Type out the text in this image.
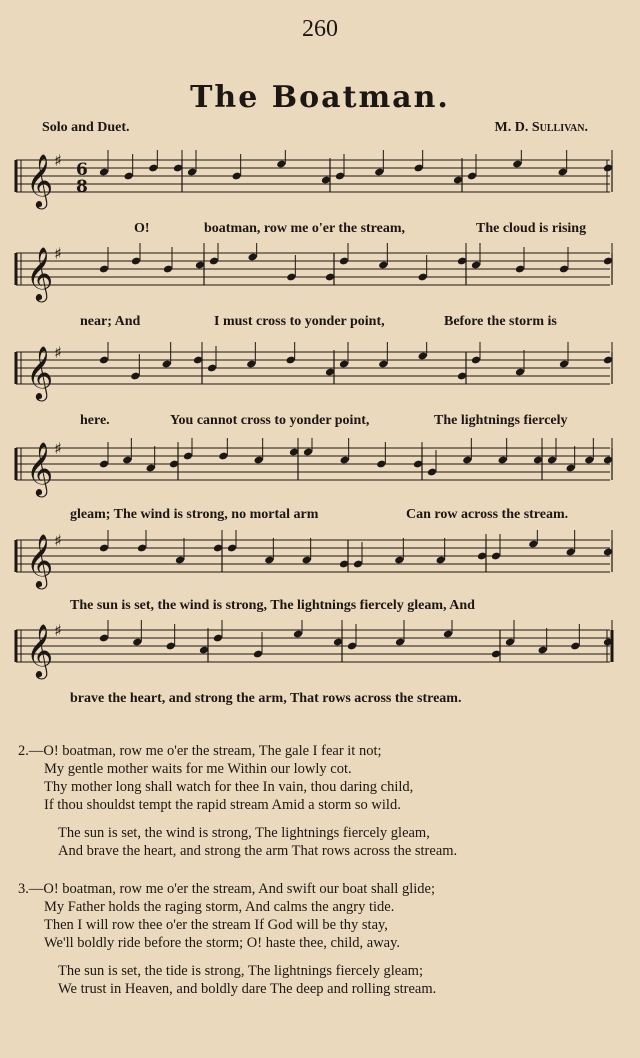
260
The Boatman.
Solo and Duet.	M. D. Sullivan.
𝄞 ♯ 6
8
O!	boatman, row me o'er the stream,	The cloud is rising
𝄞 ♯
near; And	I must cross to yonder point,	Before the storm is
𝄞 ♯
here.	You cannot cross to yonder point,	The lightnings fiercely
𝄞 ♯
gleam; The wind is strong, no mortal arm	Can row across the stream.
𝄞 ♯
The sun is set, the wind is strong, The lightnings fiercely gleam, And
𝄞 ♯
brave the heart, and strong the arm, That rows across the stream.
2.—O! boatman, row me o'er the stream, The gale I fear it not;
My gentle mother waits for me Within our lowly cot.
Thy mother long shall watch for thee In vain, thou daring child,
If thou shouldst tempt the rapid stream Amid a storm so wild.
The sun is set, the wind is strong, The lightnings fiercely gleam,
And brave the heart, and strong the arm That rows across the stream.
3.—O! boatman, row me o'er the stream, And swift our boat shall glide;
My Father holds the raging storm, And calms the angry tide.
Then I will row thee o'er the stream If God will be thy stay,
We'll boldly ride before the storm; O! haste thee, child, away.
The sun is set, the tide is strong, The lightnings fiercely gleam;
We trust in Heaven, and boldly dare The deep and rolling stream.
